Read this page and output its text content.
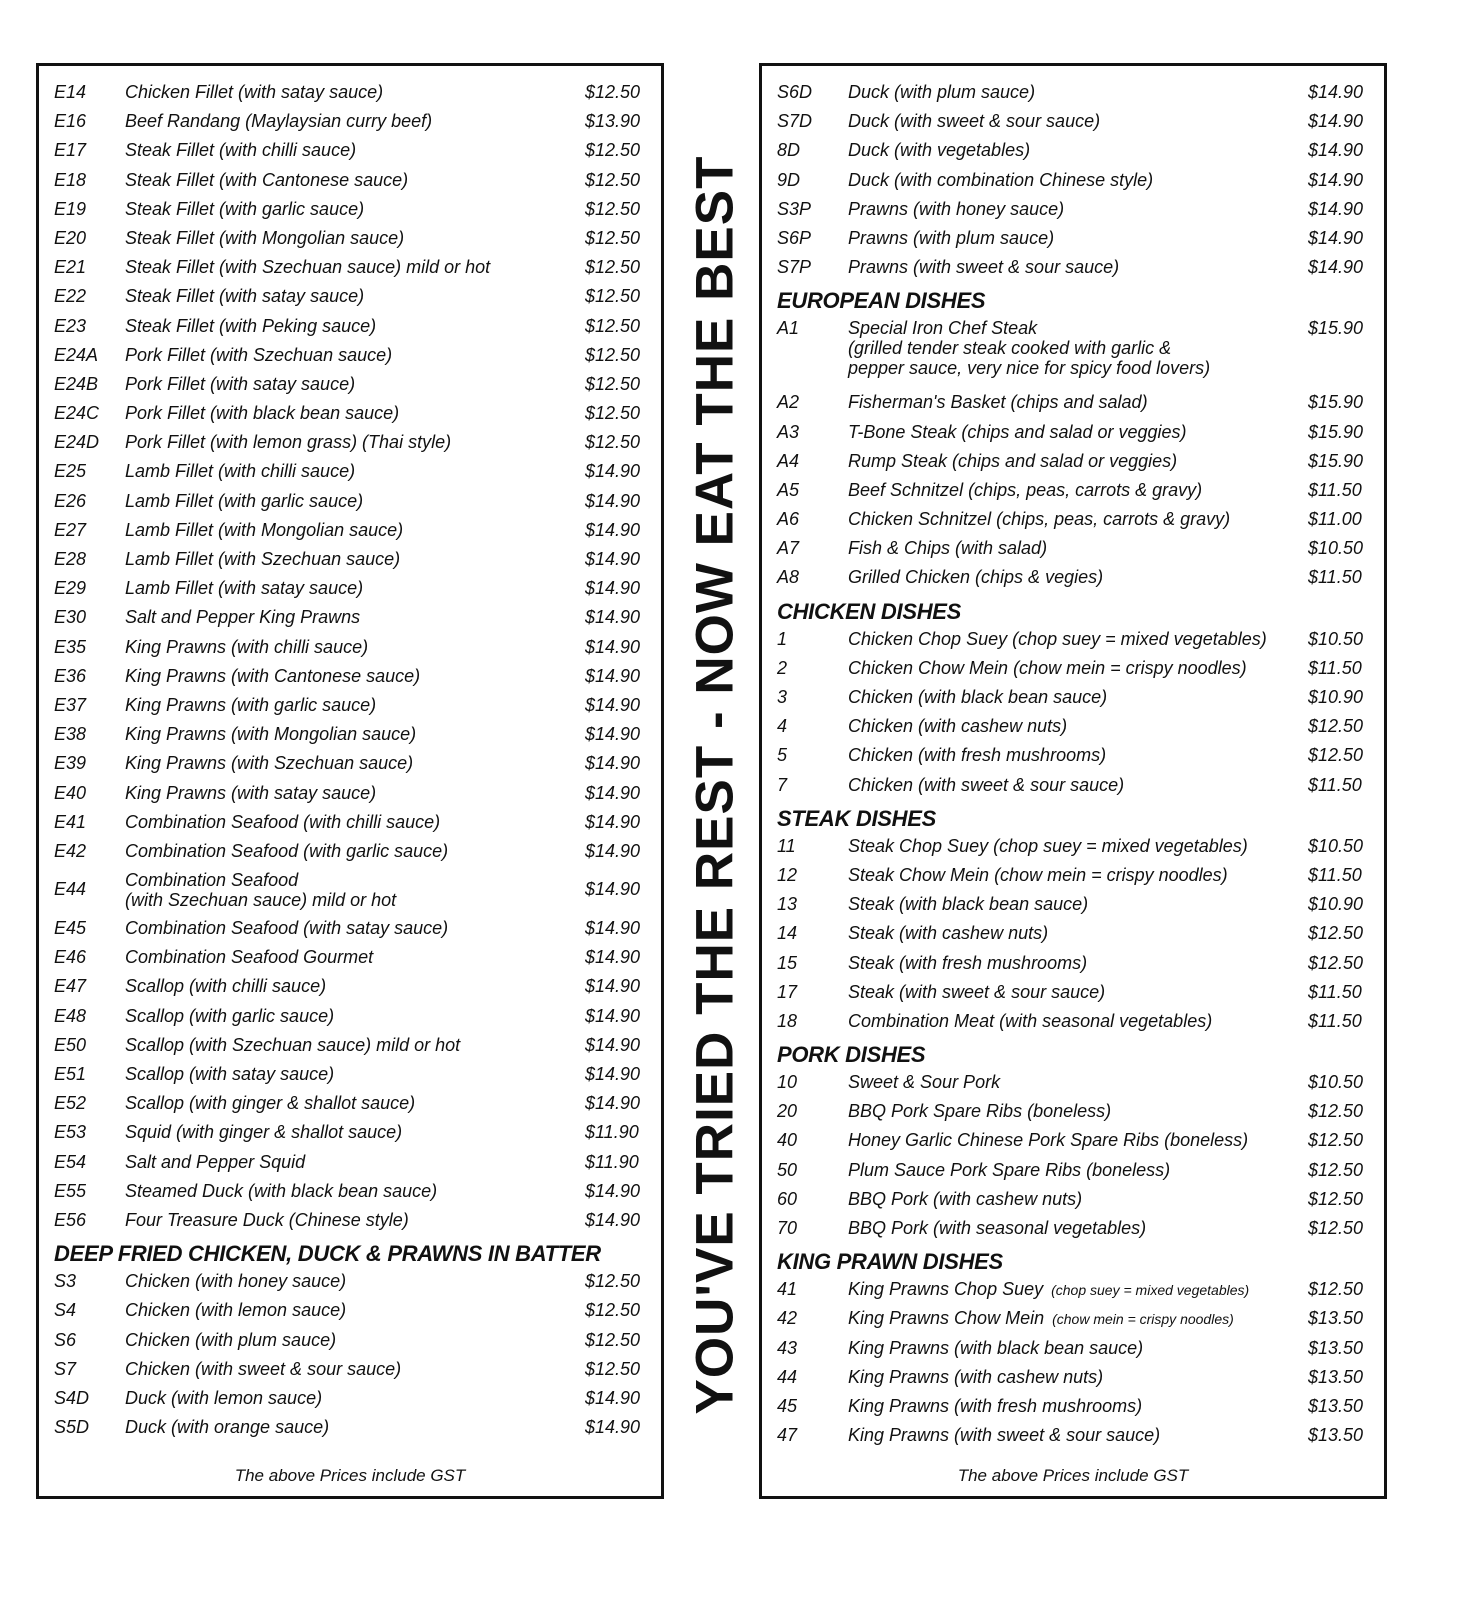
E14 Chicken Fillet (with satay sauce)	$12.50
E16 Beef Randang (Maylaysian curry beef)	$13.90
E17 Steak Fillet (with chilli sauce)	$12.50
E18 Steak Fillet (with Cantonese sauce)	$12.50
E19 Steak Fillet (with garlic sauce)	$12.50
E20 Steak Fillet (with Mongolian sauce)	$12.50
E21 Steak Fillet (with Szechuan sauce) mild or hot	$12.50
E22 Steak Fillet (with satay sauce)	$12.50
E23 Steak Fillet (with Peking sauce)	$12.50
E24A Pork Fillet (with Szechuan sauce)	$12.50
E24B Pork Fillet (with satay sauce)	$12.50
E24C Pork Fillet (with black bean sauce)	$12.50
E24D Pork Fillet (with lemon grass) (Thai style)	$12.50
E25 Lamb Fillet (with chilli sauce)	$14.90
E26 Lamb Fillet (with garlic sauce)	$14.90
E27 Lamb Fillet (with Mongolian sauce)	$14.90
E28 Lamb Fillet (with Szechuan sauce)	$14.90
E29 Lamb Fillet (with satay sauce)	$14.90
E30 Salt and Pepper King Prawns	$14.90
E35 King Prawns (with chilli sauce)	$14.90
E36 King Prawns (with Cantonese sauce)	$14.90
E37 King Prawns (with garlic sauce)	$14.90
E38 King Prawns (with Mongolian sauce)	$14.90
E39 King Prawns (with Szechuan sauce)	$14.90
E40 King Prawns (with satay sauce)	$14.90
E41 Combination Seafood (with chilli sauce)	$14.90
E42 Combination Seafood (with garlic sauce)	$14.90
E44 Combination Seafood
(with Szechuan sauce) mild or hot
$14.90
E45 Combination Seafood (with satay sauce)	$14.90
E46 Combination Seafood Gourmet	$14.90
E47 Scallop (with chilli sauce)	$14.90
E48 Scallop (with garlic sauce)	$14.90
E50 Scallop (with Szechuan sauce) mild or hot	$14.90
E51 Scallop (with satay sauce)	$14.90
E52 Scallop (with ginger & shallot sauce)	$14.90
E53 Squid (with ginger & shallot sauce)	$11.90
E54 Salt and Pepper Squid	$11.90
E55 Steamed Duck (with black bean sauce)	$14.90
E56 Four Treasure Duck (Chinese style)	$14.90
DEEP FRIED CHICKEN, DUCK & PRAWNS IN BATTER
S3	Chicken (with honey sauce)	$12.50
S4	Chicken (with lemon sauce)	$12.50
S6	Chicken (with plum sauce)	$12.50
S7	Chicken (with sweet & sour sauce)	$12.50
S4D Duck (with lemon sauce)	$14.90
S5D Duck (with orange sauce)	$14.90
The above Prices include GST
YOU'VE TRIED THE REST - NOW EAT THE BEST
S6D Duck (with plum sauce)	$14.90
S7D Duck (with sweet & sour sauce)	$14.90
8D	Duck (with vegetables)	$14.90
9D	Duck (with combination Chinese style)	$14.90
S3P Prawns (with honey sauce)	$14.90
S6P Prawns (with plum sauce)	$14.90
S7P Prawns (with sweet & sour sauce)	$14.90
EUROPEAN DISHES
A1	Special Iron Chef Steak
(grilled tender steak cooked with garlic &
pepper sauce, very nice for spicy food lovers)
$15.90
A2	Fisherman's Basket (chips and salad)	$15.90
A3	T-Bone Steak (chips and salad or veggies)	$15.90
A4	Rump Steak (chips and salad or veggies)	$15.90
A5	Beef Schnitzel (chips, peas, carrots & gravy)	$11.50
A6	Chicken Schnitzel (chips, peas, carrots & gravy)	$11.00
A7	Fish & Chips (with salad)	$10.50
A8	Grilled Chicken (chips & vegies)	$11.50
CHICKEN DISHES
1	Chicken Chop Suey (chop suey = mixed vegetables) $10.50
2	Chicken Chow Mein (chow mein = crispy noodles)	$11.50
3	Chicken (with black bean sauce)	$10.90
4	Chicken (with cashew nuts)	$12.50
5	Chicken (with fresh mushrooms)	$12.50
7	Chicken (with sweet & sour sauce)	$11.50
STEAK DISHES
11	Steak Chop Suey (chop suey = mixed vegetables)	$10.50
12	Steak Chow Mein (chow mein = crispy noodles)	$11.50
13	Steak (with black bean sauce)	$10.90
14	Steak (with cashew nuts)	$12.50
15	Steak (with fresh mushrooms)	$12.50
17	Steak (with sweet & sour sauce)	$11.50
18	Combination Meat (with seasonal vegetables)	$11.50
PORK DISHES
10	Sweet & Sour Pork	$10.50
20	BBQ Pork Spare Ribs (boneless)	$12.50
40	Honey Garlic Chinese Pork Spare Ribs (boneless)	$12.50
50	Plum Sauce Pork Spare Ribs (boneless)	$12.50
60	BBQ Pork (with cashew nuts)	$12.50
70	BBQ Pork (with seasonal vegetables)	$12.50
KING PRAWN DISHES
41	King Prawns Chop Suey (chop suey = mixed vegetables)	$12.50
42	King Prawns Chow Mein (chow mein = crispy noodles)	$13.50
43	King Prawns (with black bean sauce)	$13.50
44	King Prawns (with cashew nuts)	$13.50
45	King Prawns (with fresh mushrooms)	$13.50
47	King Prawns (with sweet & sour sauce)	$13.50
The above Prices include GST
